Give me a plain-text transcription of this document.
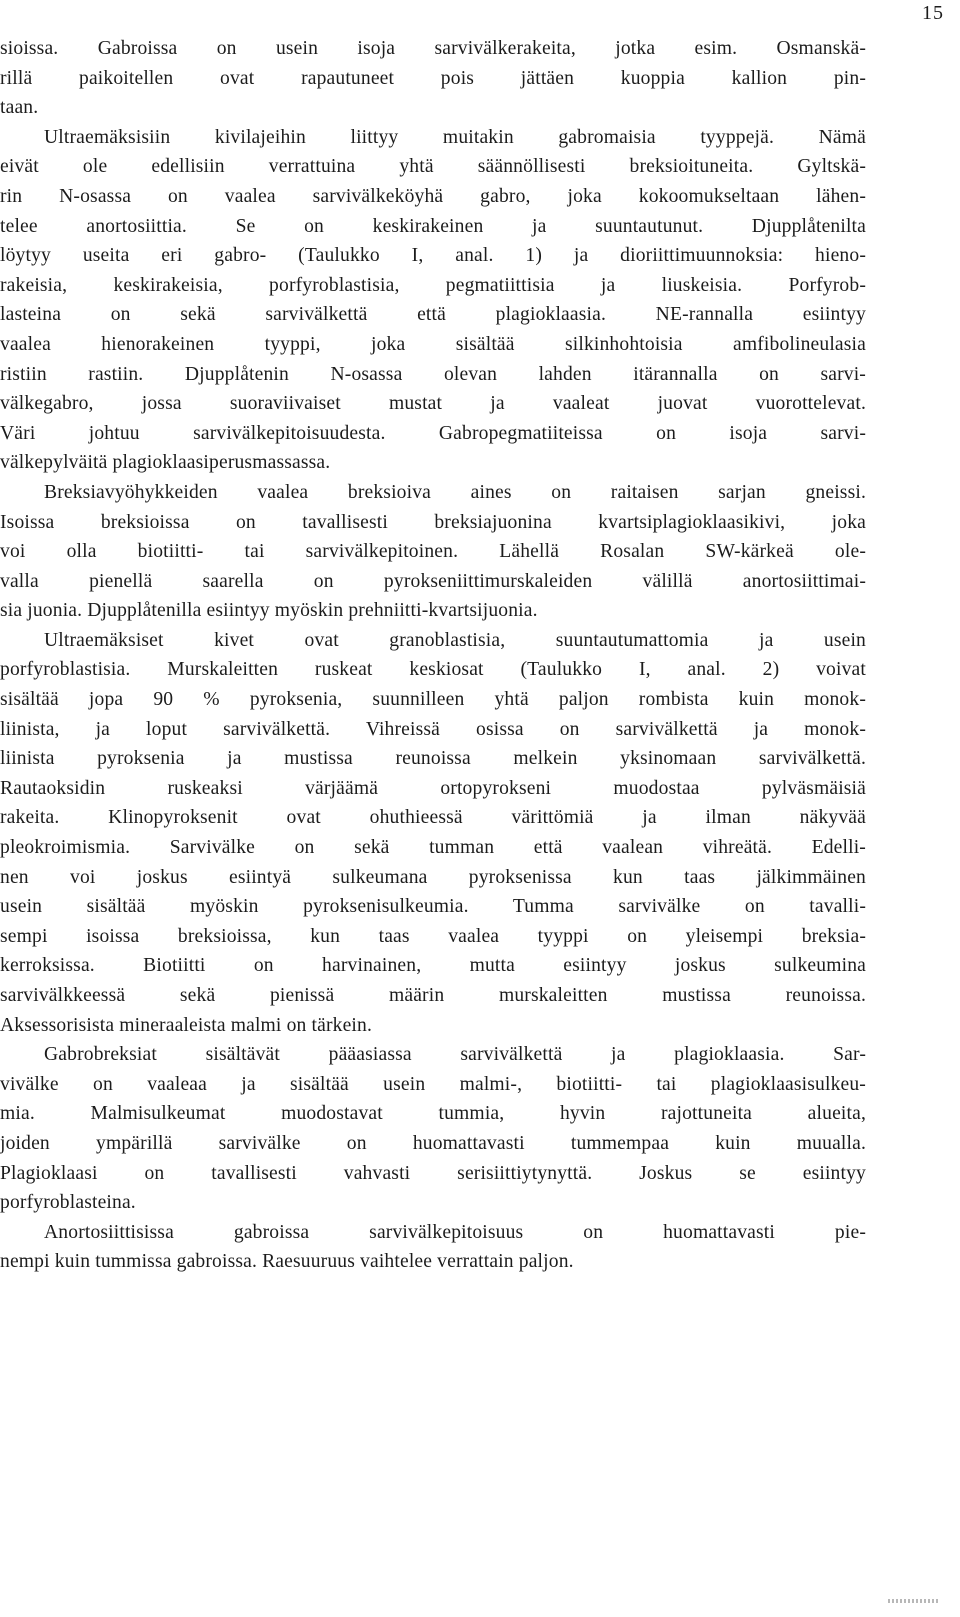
15
sioissa. Gabroissa on usein isoja sarvivälkerakeita, jotka esim. Osmanskä-
rillä paikoitellen ovat rapautuneet pois jättäen kuoppia kallion pin-
taan.
Ultraemäksisiin kivilajeihin liittyy muitakin gabromaisia tyyppejä. Nämä
eivät ole edellisiin verrattuina yhtä säännöllisesti breksioituneita. Gyltskä-
rin N-osassa on vaalea sarvivälkeköyhä gabro, joka kokoomukseltaan lähen-
telee anortosiittia. Se on keskirakeinen ja suuntautunut. Djupplåtenilta
löytyy useita eri gabro- (Taulukko I, anal. 1) ja dioriittimuunnoksia: hieno-
rakeisia, keskirakeisia, porfyroblastisia, pegmatiittisia ja liuskeisia. Porfyrob-
lasteina on sekä sarvivälkettä että plagioklaasia. NE-rannalla esiintyy
vaalea hienorakeinen tyyppi, joka sisältää silkinhohtoisia amfibolineulasia
ristiin rastiin. Djupplåtenin N-osassa olevan lahden itärannalla on sarvi-
välkegabro, jossa suoraviivaiset mustat ja vaaleat juovat vuorottelevat.
Väri johtuu sarvivälkepitoisuudesta. Gabropegmatiiteissa on isoja sarvi-
välkepylväitä plagioklaasiperusmassassa.
Breksiavyöhykkeiden vaalea breksioiva aines on raitaisen sarjan gneissi.
Isoissa breksioissa on tavallisesti breksiajuonina kvartsiplagioklaasikivi, joka
voi olla biotiitti- tai sarvivälkepitoinen. Lähellä Rosalan SW-kärkeä ole-
valla pienellä saarella on pyrokseniittimurskaleiden välillä anortosiittimai-
sia juonia. Djupplåtenilla esiintyy myöskin prehniitti-kvartsijuonia.
Ultraemäksiset kivet ovat granoblastisia, suuntautumattomia ja usein
porfyroblastisia. Murskaleitten ruskeat keskiosat (Taulukko I, anal. 2) voivat
sisältää jopa 90 % pyroksenia, suunnilleen yhtä paljon rombista kuin monok-
liinista, ja loput sarvivälkettä. Vihreissä osissa on sarvivälkettä ja monok-
liinista pyroksenia ja mustissa reunoissa melkein yksinomaan sarvivälkettä.
Rautaoksidin ruskeaksi värjäämä ortopyrokseni muodostaa pylväsmäisiä
rakeita. Klinopyroksenit ovat ohuthieessä värittömiä ja ilman näkyvää
pleokroimismia. Sarvivälke on sekä tumman että vaalean vihreätä. Edelli-
nen voi joskus esiintyä sulkeumana pyroksenissa kun taas jälkimmäinen
usein sisältää myöskin pyroksenisulkeumia. Tumma sarvivälke on tavalli-
sempi isoissa breksioissa, kun taas vaalea tyyppi on yleisempi breksia-
kerroksissa. Biotiitti on harvinainen, mutta esiintyy joskus sulkeumina
sarvivälkkeessä sekä pienissä määrin murskaleitten mustissa reunoissa.
Aksessorisista mineraaleista malmi on tärkein.
Gabrobreksiat sisältävät pääasiassa sarvivälkettä ja plagioklaasia. Sar-
vivälke on vaaleaa ja sisältää usein malmi-, biotiitti- tai plagioklaasisulkeu-
mia. Malmisulkeumat muodostavat tummia, hyvin rajottuneita alueita,
joiden ympärillä sarvivälke on huomattavasti tummempaa kuin muualla.
Plagioklaasi on tavallisesti vahvasti serisiittiytynyttä. Joskus se esiintyy
porfyroblasteina.
Anortosiittisissa gabroissa sarvivälkepitoisuus on huomattavasti pie-
nempi kuin tummissa gabroissa. Raesuuruus vaihtelee verrattain paljon.
